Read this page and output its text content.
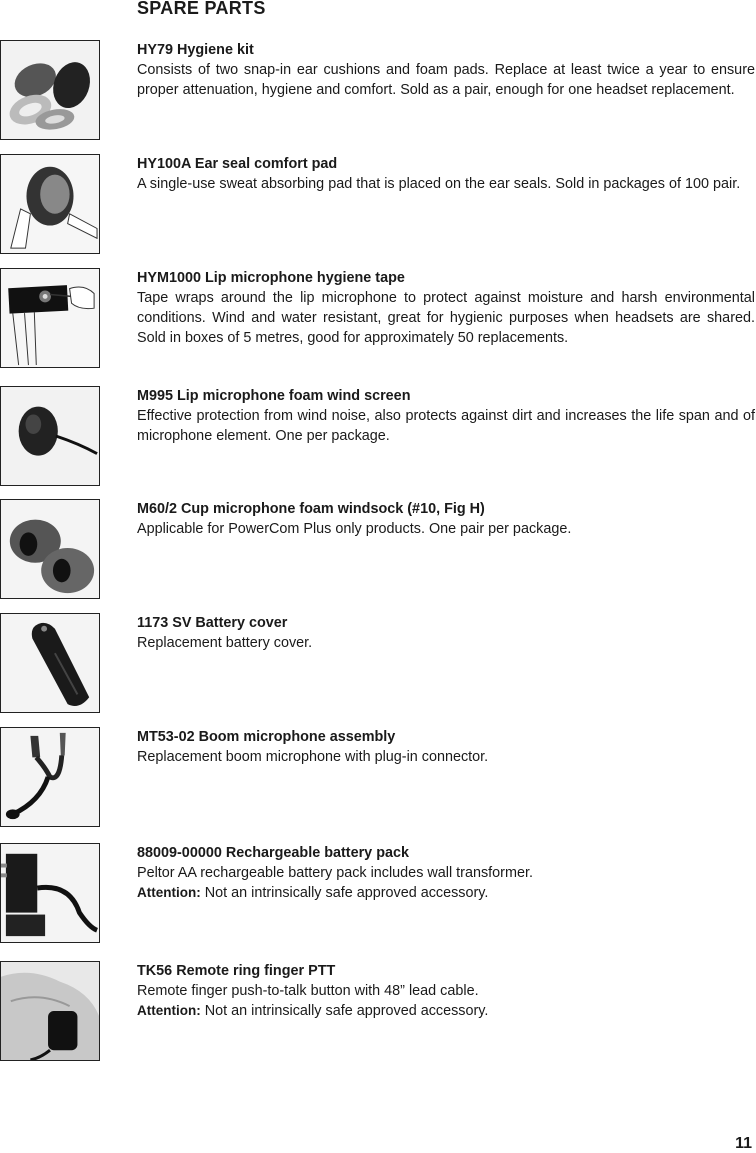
SPARE PARTS
HY79 Hygiene kit

Consists of two snap-in ear cushions and foam pads. Replace at least twice a year to ensure proper attenuation, hygiene and comfort. Sold as a pair, enough for one headset replacement.

HY100A Ear seal comfort pad

A single-use sweat absorbing pad that is placed on the ear seals. Sold in packages of 100 pair.

HYM1000 Lip microphone hygiene tape

Tape wraps around the lip microphone to protect against moisture and harsh environmental conditions. Wind and water resistant, great for hygienic purposes when headsets are shared. Sold in boxes of 5 metres, good for approximately 50 replacements.

M995 Lip microphone foam wind screen

Effective protection from wind noise, also protects against dirt and increases the life span and of microphone element. One per package.

M60/2 Cup microphone foam windsock (#10, Fig H)

Applicable for PowerCom Plus only products. One pair per package.

1173 SV Battery cover

Replacement battery cover.

MT53-02 Boom microphone assembly

Replacement boom microphone with plug-in connector.

88009-00000 Rechargeable battery pack

Peltor AA rechargeable battery pack includes wall transformer.

Attention: Not an intrinsically safe approved accessory.

TK56 Remote ring finger PTT

Remote finger push-to-talk button with 48” lead cable.

Attention: Not an intrinsically safe approved accessory.

11
